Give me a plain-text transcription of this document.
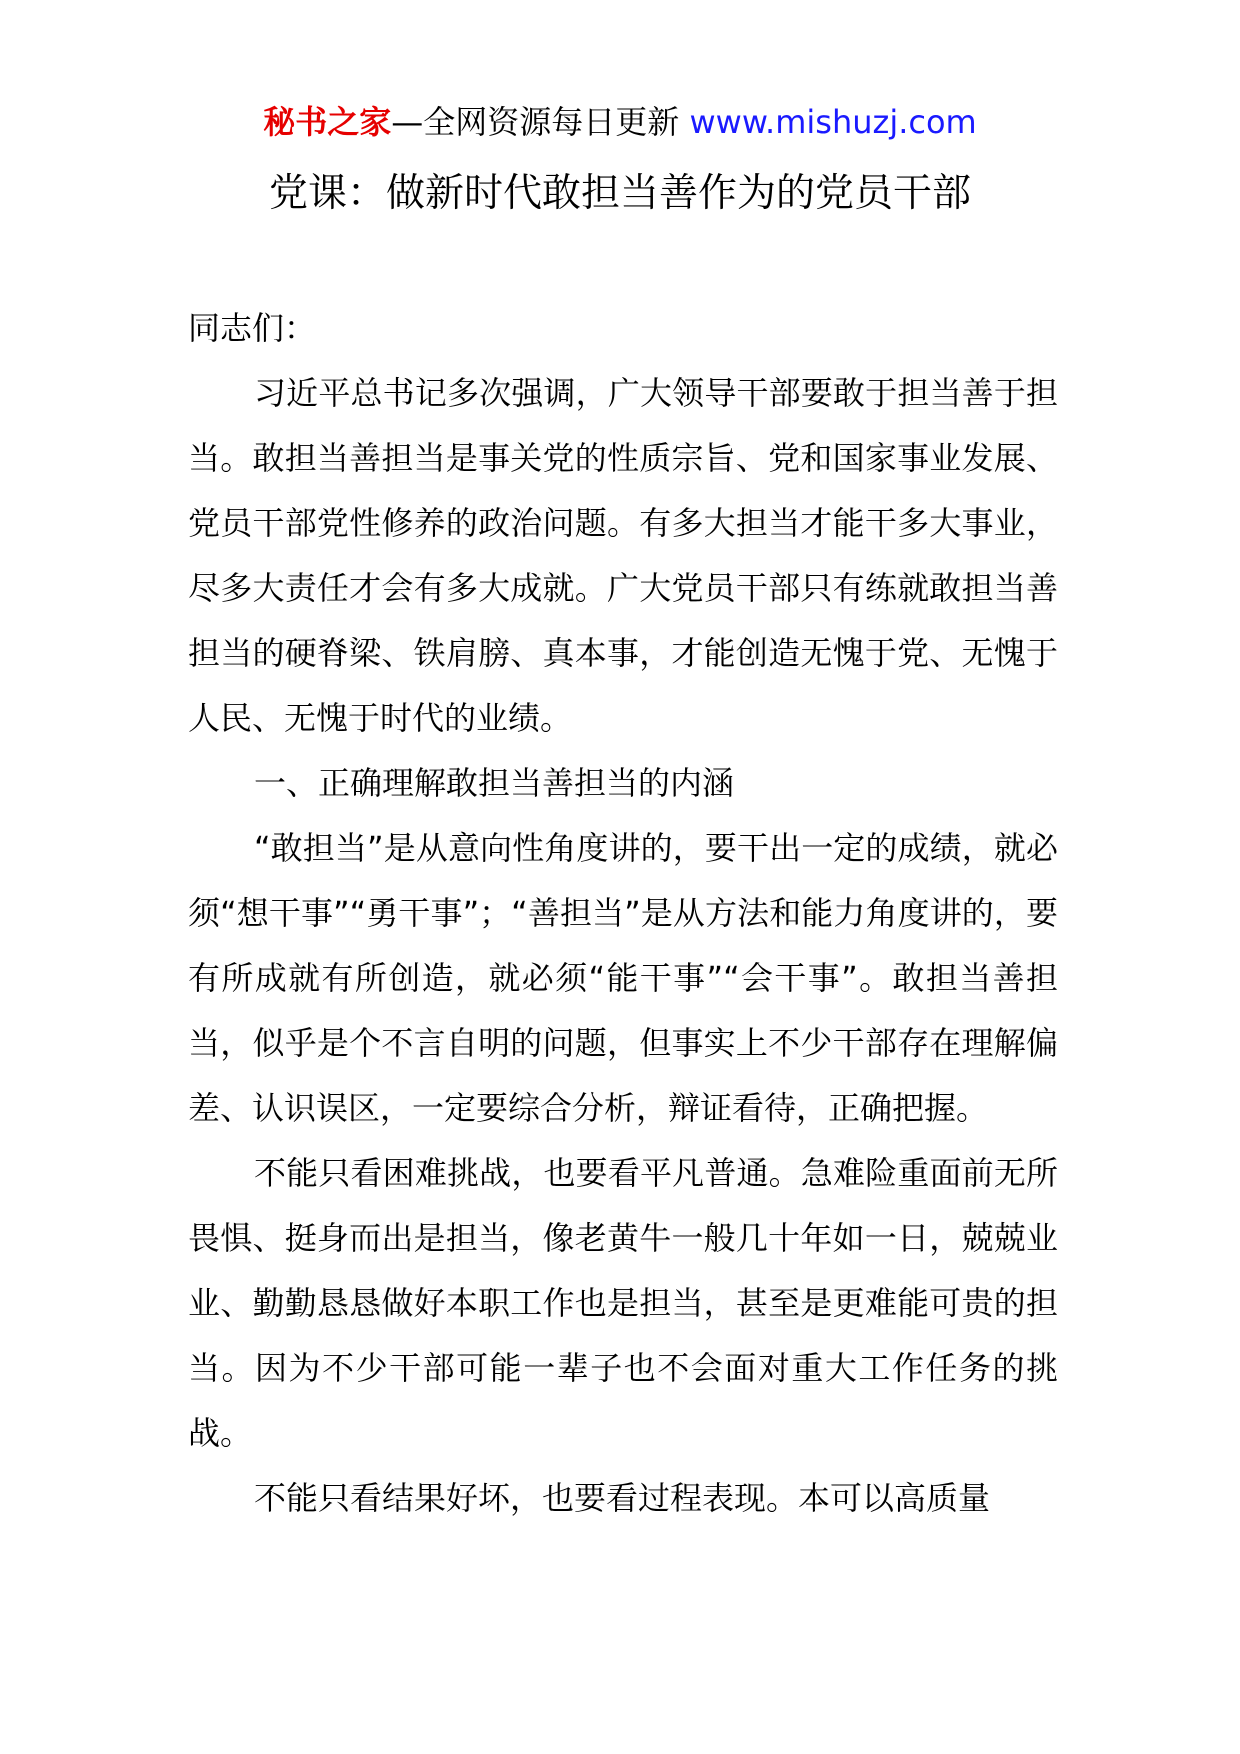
秘书之家—全网资源每日更新 www.mishuzj.com
党课：做新时代敢担当善作为的党员干部

同志们：

习近平总书记多次强调，广大领导干部要敢于担当善于担当。敢担当善担当是事关党的性质宗旨、党和国家事业发展、党员干部党性修养的政治问题。有多大担当才能干多大事业，尽多大责任才会有多大成就。广大党员干部只有练就敢担当善担当的硬脊梁、铁肩膀、真本事，才能创造无愧于党、无愧于人民、无愧于时代的业绩。

一、正确理解敢担当善担当的内涵

“敢担当”是从意向性角度讲的，要干出一定的成绩，就必须“想干事”“勇干事”；“善担当”是从方法和能力角度讲的，要有所成就有所创造，就必须“能干事”“会干事”。敢担当善担当，似乎是个不言自明的问题，但事实上不少干部存在理解偏差、认识误区，一定要综合分析，辩证看待，正确把握。

不能只看困难挑战，也要看平凡普通。急难险重面前无所畏惧、挺身而出是担当，像老黄牛一般几十年如一日，兢兢业业、勤勤恳恳做好本职工作也是担当，甚至是更难能可贵的担当。因为不少干部可能一辈子也不会面对重大工作任务的挑战。

不能只看结果好坏，也要看过程表现。本可以高质量
